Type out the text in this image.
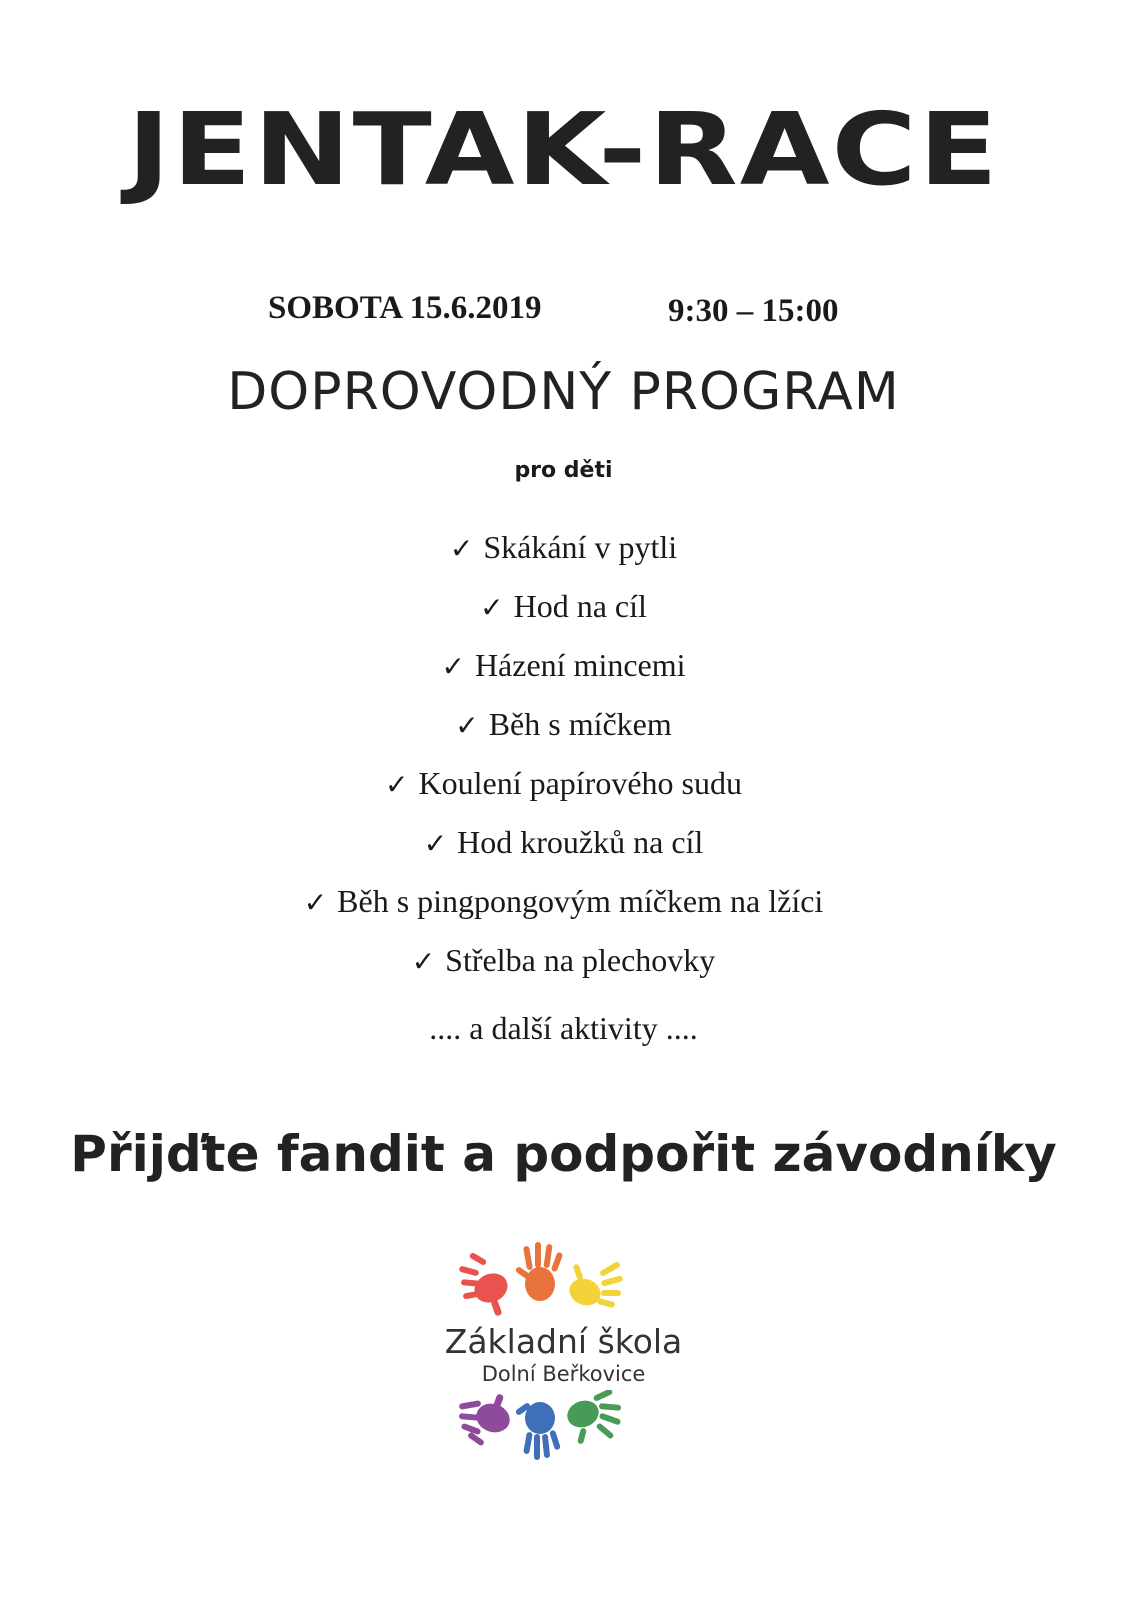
JENTAK-RACE
SOBOTA 15.6.2019	9:30 – 15:00
DOPROVODNÝ PROGRAM
pro děti
✓ Skákání v pytli
✓ Hod na cíl
✓ Házení mincemi
✓ Běh s míčkem
✓ Koulení papírového sudu
✓ Hod kroužků na cíl
✓ Běh s pingpongovým míčkem na lžíci
✓ Střelba na plechovky
.... a další aktivity ....
Přijďte fandit a podpořit závodníky
Základní škola
Dolní Beřkovice
